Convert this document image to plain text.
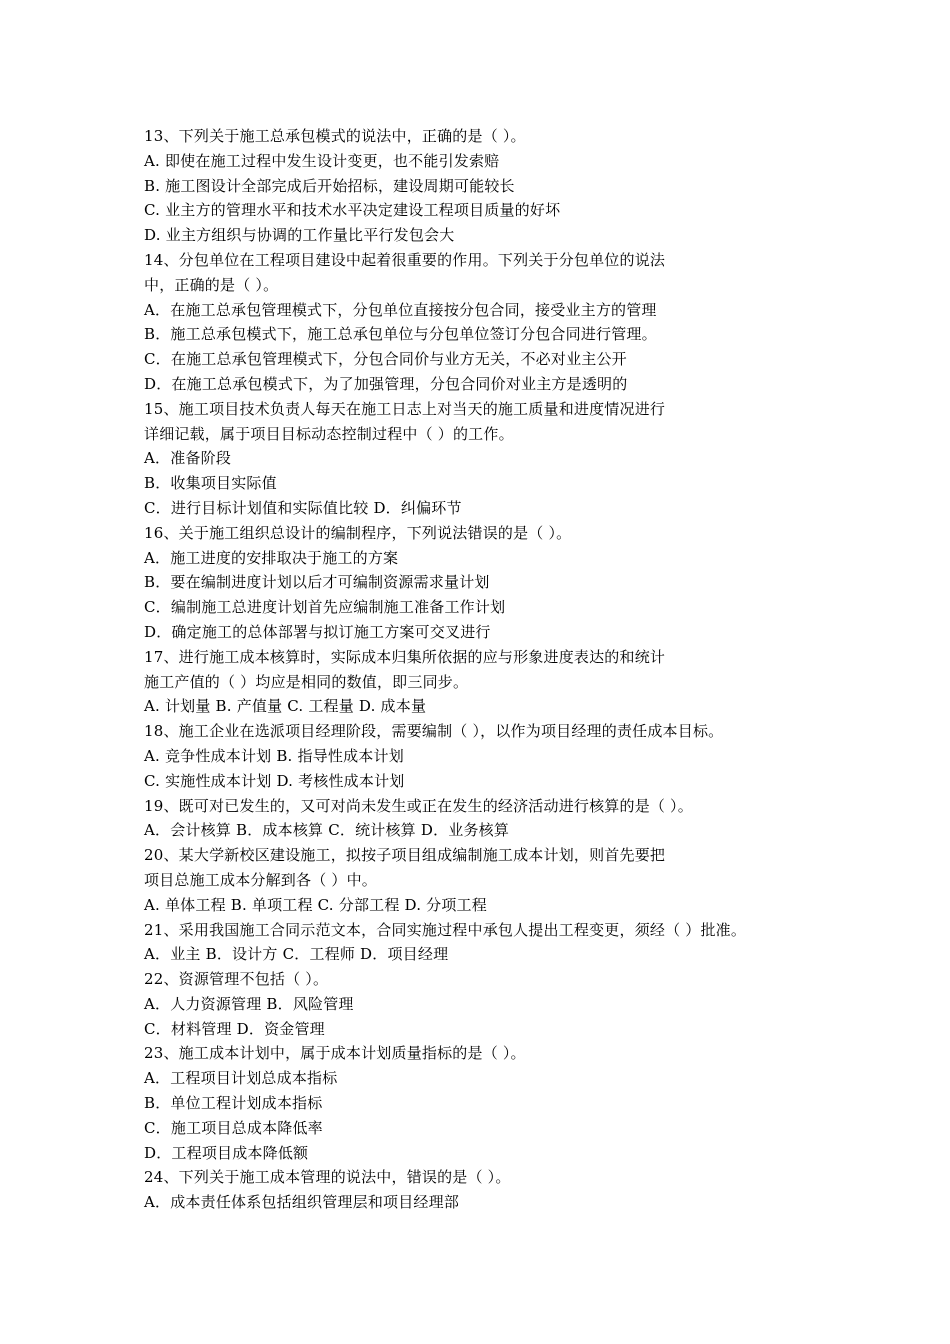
13、下列关于施工总承包模式的说法中，正确的是（ ）。
A. 即使在施工过程中发生设计变更，也不能引发索赔
B. 施工图设计全部完成后开始招标，建设周期可能较长
C. 业主方的管理水平和技术水平决定建设工程项目质量的好坏
D. 业主方组织与协调的工作量比平行发包会大
14、分包单位在工程项目建设中起着很重要的作用。下列关于分包单位的说法
中，正确的是（ ）。
A．在施工总承包管理模式下，分包单位直接按分包合同，接受业主方的管理
B．施工总承包模式下，施工总承包单位与分包单位签订分包合同进行管理。
C．在施工总承包管理模式下，分包合同价与业方无关，不必对业主公开
D．在施工总承包模式下，为了加强管理，分包合同价对业主方是透明的
15、施工项目技术负责人每天在施工日志上对当天的施工质量和进度情况进行
详细记载，属于项目目标动态控制过程中（ ）的工作。
A．准备阶段
B．收集项目实际值
C．进行目标计划值和实际值比较 D．纠偏环节
16、关于施工组织总设计的编制程序，下列说法错误的是（ ）。
A．施工进度的安排取决于施工的方案
B．要在编制进度计划以后才可编制资源需求量计划
C．编制施工总进度计划首先应编制施工准备工作计划
D．确定施工的总体部署与拟订施工方案可交叉进行
17、进行施工成本核算时，实际成本归集所依据的应与形象进度表达的和统计
施工产值的（ ）均应是相同的数值，即三同步。
A. 计划量 B. 产值量 C. 工程量 D. 成本量
18、施工企业在选派项目经理阶段，需要编制（ ），以作为项目经理的责任成本目标。
A. 竞争性成本计划 B. 指导性成本计划
C. 实施性成本计划 D. 考核性成本计划
19、既可对已发生的，又可对尚未发生或正在发生的经济活动进行核算的是（ ）。
A．会计核算 B．成本核算 C．统计核算 D．业务核算
20、某大学新校区建设施工，拟按子项目组成编制施工成本计划，则首先要把
项目总施工成本分解到各（ ）中。
A. 单体工程 B. 单项工程 C. 分部工程 D. 分项工程
21、采用我国施工合同示范文本，合同实施过程中承包人提出工程变更，须经（ ）批准。
A．业主 B．设计方 C．工程师 D．项目经理
22、资源管理不包括（ ）。
A．人力资源管理 B．风险管理
C．材料管理 D．资金管理
23、施工成本计划中，属于成本计划质量指标的是（ ）。
A．工程项目计划总成本指标
B．单位工程计划成本指标
C．施工项目总成本降低率
D．工程项目成本降低额
24、下列关于施工成本管理的说法中，错误的是（ ）。
A．成本责任体系包括组织管理层和项目经理部
